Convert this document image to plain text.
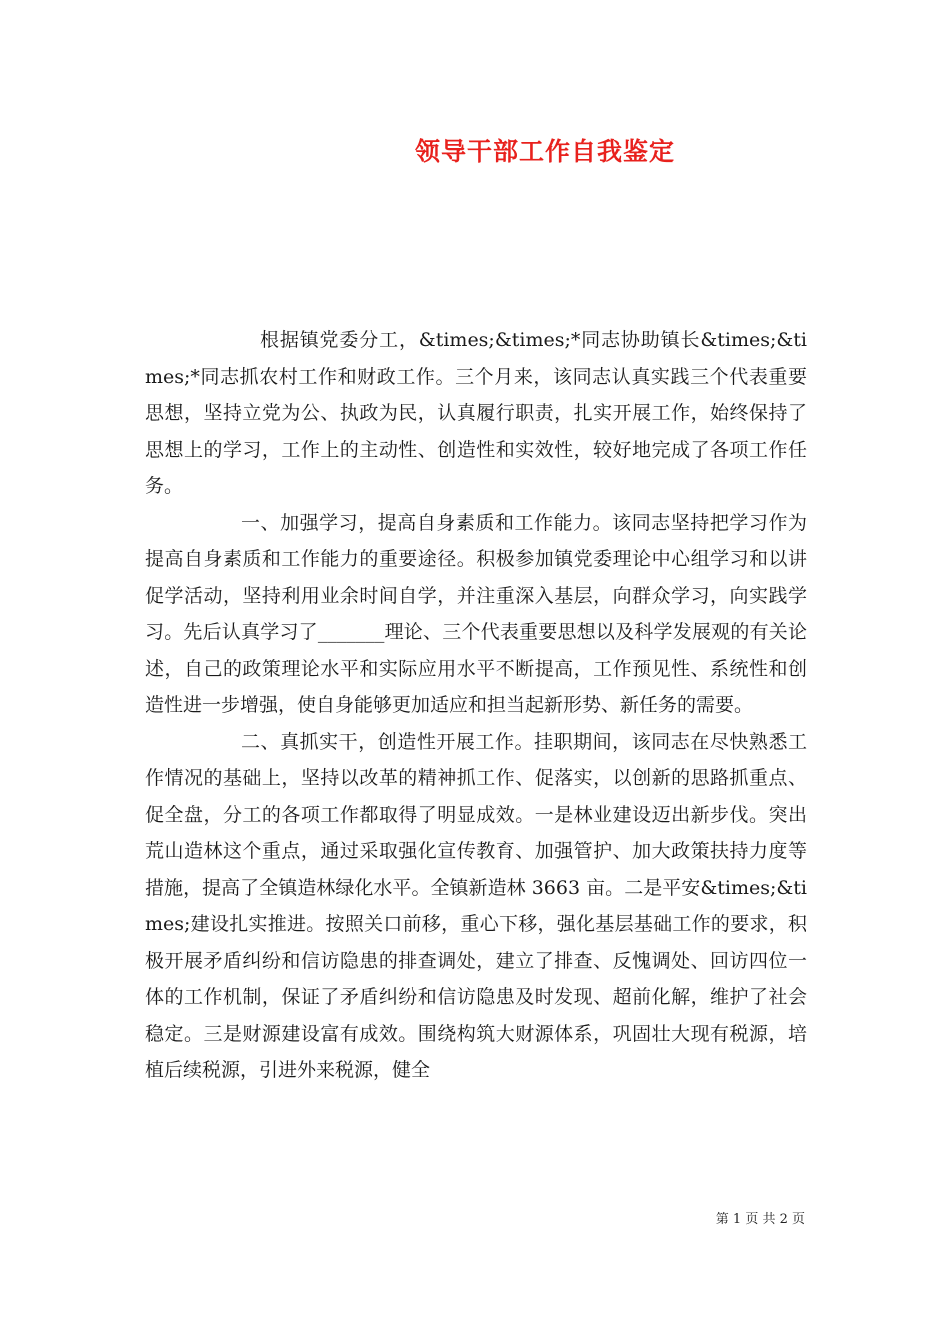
领导干部工作自我鉴定

根据镇党委分工，&times;&times;*同志协助镇长&times;&times;*同志抓农村工作和财政工作。三个月来，该同志认真实践三个代表重要思想，坚持立党为公、执政为民，认真履行职责，扎实开展工作，始终保持了思想上的学习，工作上的主动性、创造性和实效性，较好地完成了各项工作任务。

一、加强学习，提高自身素质和工作能力。该同志坚持把学习作为提高自身素质和工作能力的重要途径。积极参加镇党委理论中心组学习和以讲促学活动，坚持利用业余时间自学，并注重深入基层，向群众学习，向实践学习。先后认真学习了_______理论、三个代表重要思想以及科学发展观的有关论述，自己的政策理论水平和实际应用水平不断提高，工作预见性、系统性和创造性进一步增强，使自身能够更加适应和担当起新形势、新任务的需要。

二、真抓实干，创造性开展工作。挂职期间，该同志在尽快熟悉工作情况的基础上，坚持以改革的精神抓工作、促落实，以创新的思路抓重点、促全盘，分工的各项工作都取得了明显成效。一是林业建设迈出新步伐。突出荒山造林这个重点，通过采取强化宣传教育、加强管护、加大政策扶持力度等措施，提高了全镇造林绿化水平。全镇新造林 3663 亩。二是平安&times;&times;建设扎实推进。按照关口前移，重心下移，强化基层基础工作的要求，积极开展矛盾纠纷和信访隐患的排查调处，建立了排查、反愧调处、回访四位一体的工作机制，保证了矛盾纠纷和信访隐患及时发现、超前化解，维护了社会稳定。三是财源建设富有成效。围绕构筑大财源体系，巩固壮大现有税源，培植后续税源，引进外来税源，健全

第 1 页 共 2 页
